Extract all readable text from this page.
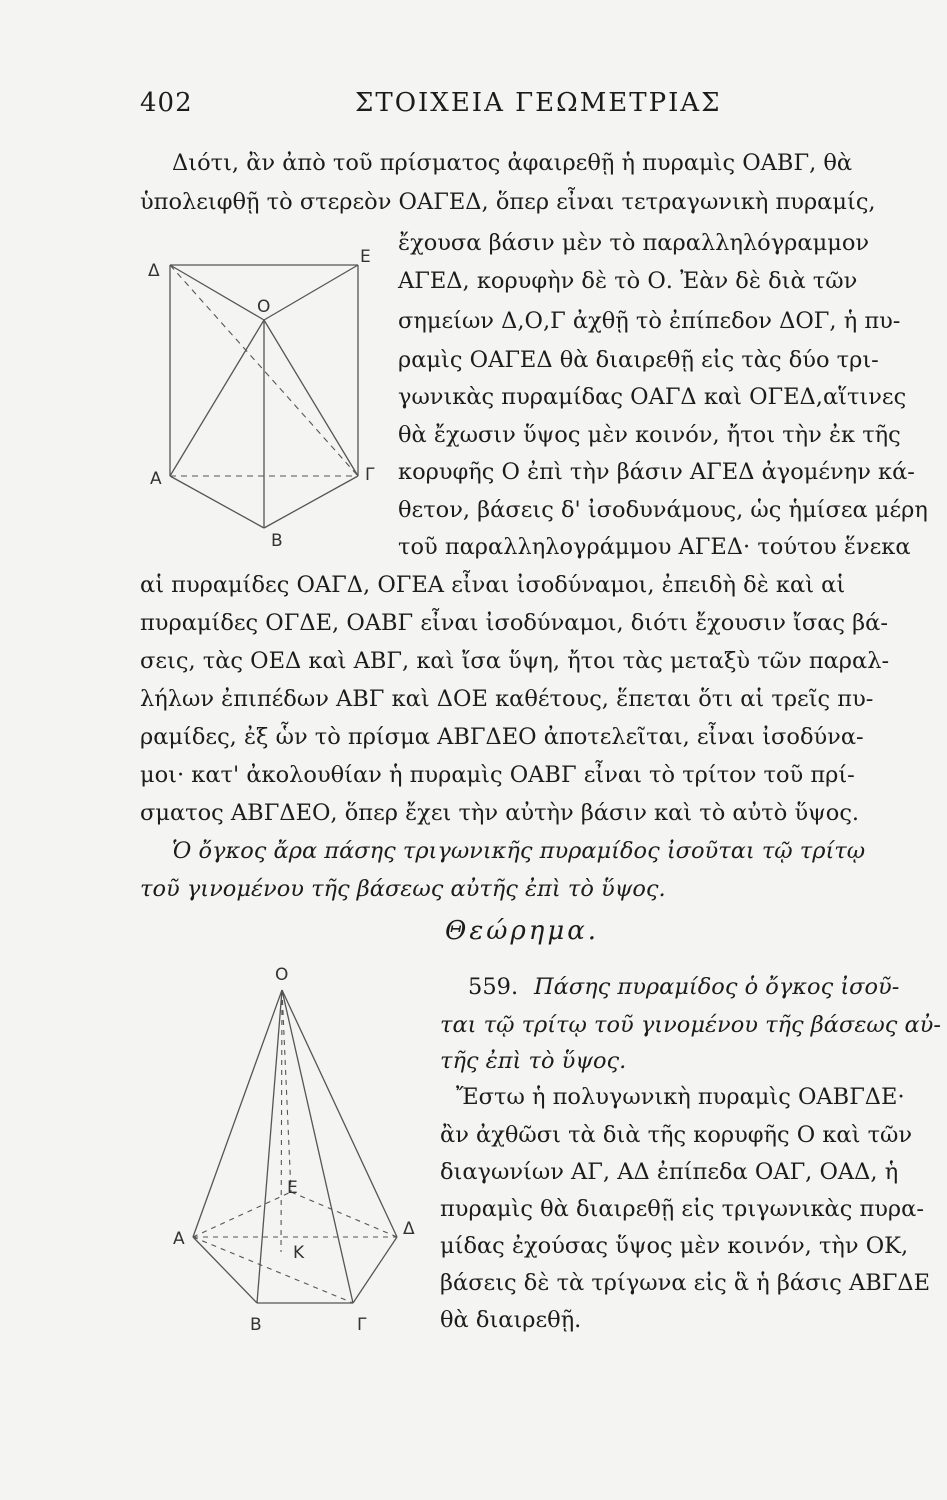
402	ΣΤΟΙΧΕΙΑ ΓΕΩΜΕΤΡΙΑΣ
Δ
Ε
Ο
Α	Γ
Β
Διότι, ἂν ἀπὸ τοῦ πρίσματος ἀφαιρεθῇ ἡ πυραμὶς ΟΑΒΓ, θὰ
ὑπολειφθῇ τὸ στερεὸν ΟΑΓΕΔ, ὅπερ εἶναι τετραγωνικὴ πυραμίς,
ἔχουσα βάσιν μὲν τὸ παραλληλόγραμμον
ΑΓΕΔ, κορυφὴν δὲ τὸ Ο. Ἐὰν δὲ διὰ τῶν
σημείων Δ,Ο,Γ ἀχθῇ τὸ ἐπίπεδον ΔΟΓ, ἡ πυ-
ραμὶς ΟΑΓΕΔ θὰ διαιρεθῇ εἰς τὰς δύο τρι-
γωνικὰς πυραμίδας ΟΑΓΔ καὶ ΟΓΕΔ,αἵτινες
θὰ ἔχωσιν ὕψος μὲν κοινόν, ἤτοι τὴν ἐκ τῆς
κορυφῆς Ο ἐπὶ τὴν βάσιν ΑΓΕΔ ἀγομένην κά-
θετον, βάσεις δ' ἰσοδυνάμους, ὡς ἡμίσεα μέρη
τοῦ παραλληλογράμμου ΑΓΕΔ· τούτου ἕνεκα
αἱ πυραμίδες ΟΑΓΔ, ΟΓΕΑ εἶναι ἰσοδύναμοι, ἐπειδὴ δὲ καὶ αἱ
πυραμίδες ΟΓΔΕ, ΟΑΒΓ εἶναι ἰσοδύναμοι, διότι ἔχουσιν ἴσας βά-
σεις, τὰς ΟΕΔ καὶ ΑΒΓ, καὶ ἴσα ὕψη, ἤτοι τὰς μεταξὺ τῶν παραλ-
λήλων ἐπιπέδων ΑΒΓ καὶ ΔΟΕ καθέτους, ἕπεται ὅτι αἱ τρεῖς πυ-
ραμίδες, ἐξ ὧν τὸ πρίσμα ΑΒΓΔΕΟ ἀποτελεῖται, εἶναι ἰσοδύνα-
μοι· κατ' ἀκολουθίαν ἡ πυραμὶς ΟΑΒΓ εἶναι τὸ τρίτον τοῦ πρί-
σματος ΑΒΓΔΕΟ, ὅπερ ἔχει τὴν αὐτὴν βάσιν καὶ τὸ αὐτὸ ὕψος.
Ὁ ὄγκος ἄρα πάσης τριγωνικῆς πυραμίδος ἰσοῦται τῷ τρίτῳ
τοῦ γινομένου τῆς βάσεως αὐτῆς ἐπὶ τὸ ὕψος.
Θεώρημα.
Ο
Ε
Α	Δ
Κ
Β	Γ
559. Πάσης πυραμίδος ὁ ὄγκος ἰσοῦ-
ται τῷ τρίτῳ τοῦ γινομένου τῆς βάσεως αὐ-
τῆς ἐπὶ τὸ ὕψος.
Ἔστω ἡ πολυγωνικὴ πυραμὶς ΟΑΒΓΔΕ·
ἂν ἀχθῶσι τὰ διὰ τῆς κορυφῆς Ο καὶ τῶν
διαγωνίων ΑΓ, ΑΔ ἐπίπεδα ΟΑΓ, ΟΑΔ, ἡ
πυραμὶς θὰ διαιρεθῇ εἰς τριγωνικὰς πυρα-
μίδας ἐχούσας ὕψος μὲν κοινόν, τὴν ΟΚ,
βάσεις δὲ τὰ τρίγωνα εἰς ἃ ἡ βάσις ΑΒΓΔΕ
θὰ διαιρεθῇ.
